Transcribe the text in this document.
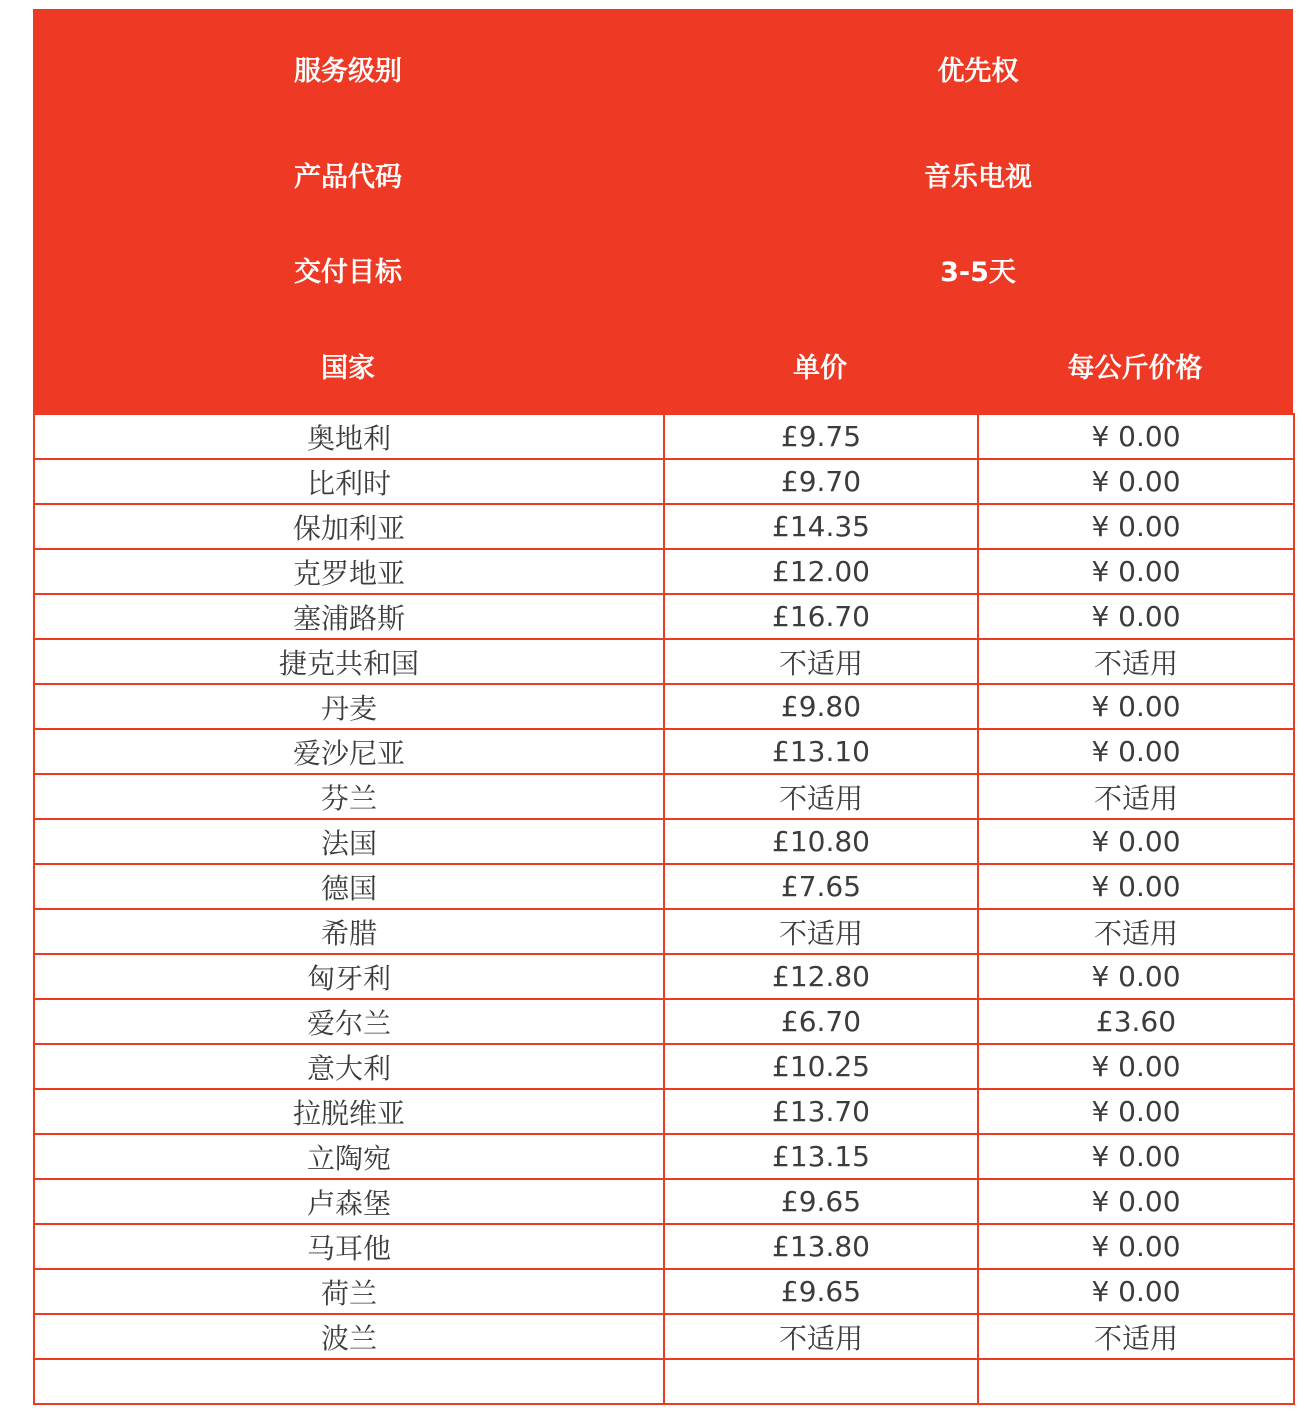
服务级别	优先权
产品代码	音乐电视
交付目标	3-5天
国家	单价	每公斤价格
奥地利	£9.75	¥ 0.00
比利时	£9.70	¥ 0.00
保加利亚	£14.35	¥ 0.00
克罗地亚	£12.00	¥ 0.00
塞浦路斯	£16.70	¥ 0.00
捷克共和国	不适用	不适用
丹麦	£9.80	¥ 0.00
爱沙尼亚	£13.10	¥ 0.00
芬兰	不适用	不适用
法国	£10.80	¥ 0.00
德国	£7.65	¥ 0.00
希腊	不适用	不适用
匈牙利	£12.80	¥ 0.00
爱尔兰	£6.70	£3.60
意大利	£10.25	¥ 0.00
拉脱维亚	£13.70	¥ 0.00
立陶宛	£13.15	¥ 0.00
卢森堡	£9.65	¥ 0.00
马耳他	£13.80	¥ 0.00
荷兰	£9.65	¥ 0.00
波兰	不适用	不适用
